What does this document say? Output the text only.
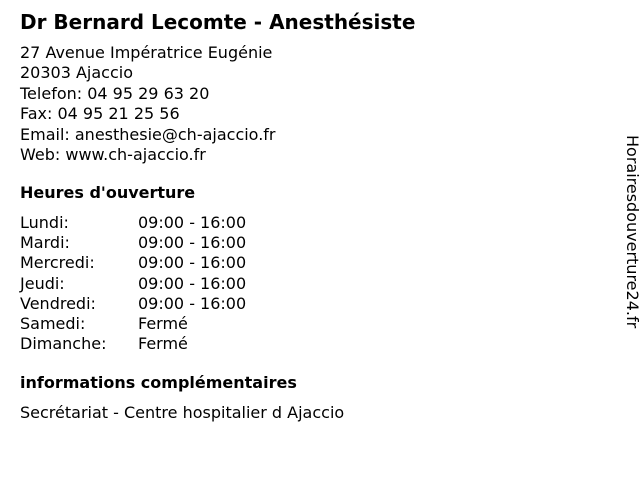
Dr Bernard Lecomte - Anesthésiste
27 Avenue Impératrice Eugénie
20303 Ajaccio
Telefon: 04 95 29 63 20
Fax: 04 95 21 25 56
Email: anesthesie@ch-ajaccio.fr
Web: www.ch-ajaccio.fr
Heures d'ouverture
Lundi:	09:00 - 16:00
Mardi:	09:00 - 16:00
Mercredi:	09:00 - 16:00
Jeudi:	09:00 - 16:00
Vendredi:	09:00 - 16:00
Samedi:	Fermé
Dimanche: Fermé
informations complémentaires
Secrétariat - Centre hospitalier d Ajaccio
Horairesdouverture24.fr
